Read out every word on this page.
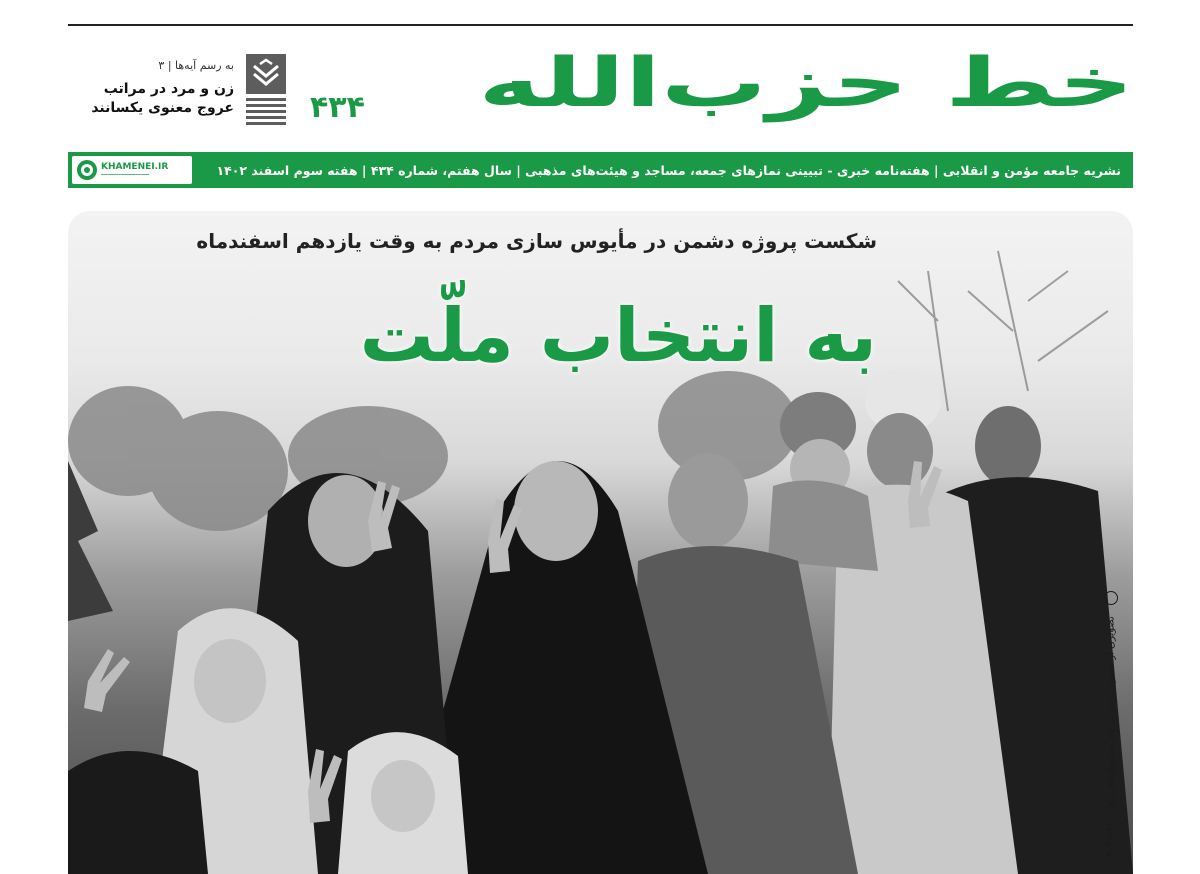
خط حزب‌الله
۴۳۴
به رسم آیه‌ها | ۳
زن و مرد در مراتب
عروج معنوی یکسانند
KHAMENEI.IR
━━━━━━━━━━━━━━━━━━━━	نشریه جامعه مؤمن و انقلابی | هفته‌نامه خبری - تبیینی نمازهای جمعه، مساجد و هیئت‌های مذهبی | سال هفتم، شماره ۴۳۴ | هفته سوم اسفند ۱۴۰۲
شکست پروژه دشمن در مأیوس سازی مردم به وقت یازدهم اسفندماه
به انتخاب ملّت
تصویری از حضور مردم در پای صندوق‌های رای ۱۴۰۲/۱۲/۱۱
